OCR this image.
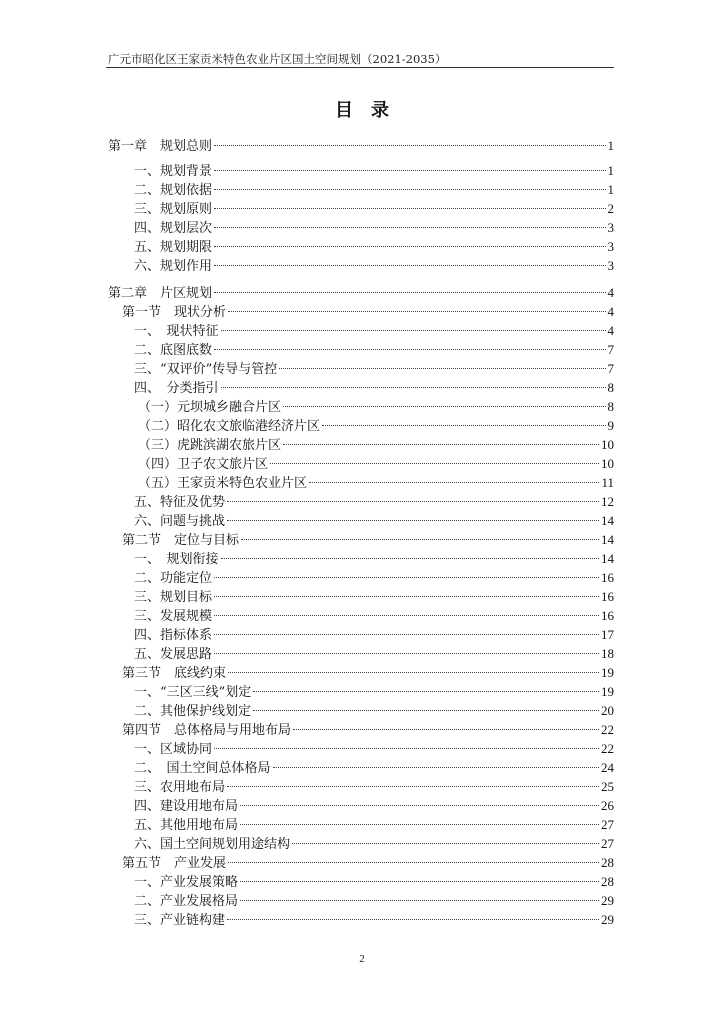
广元市昭化区王家贡米特色农业片区国土空间规划（2021-2035）
目录
第一章　规划总则	1
一、规划背景	1
二、规划依据	1
三、规划原则	2
四、规划层次	3
五、规划期限	3
六、规划作用	3
第二章　片区规划	4
第一节　现状分析	4
一、　现状特征	4
二、底图底数	7
三、“双评价”传导与管控	7
四、　分类指引	8
（一）元坝城乡融合片区	8
（二）昭化农文旅临港经济片区	9
（三）虎跳滨湖农旅片区	10
（四）卫子农文旅片区	10
（五）王家贡米特色农业片区	11
五、特征及优势	12
六、问题与挑战	14
第二节　定位与目标	14
一、　规划衔接	14
二、功能定位	16
三、规划目标	16
三、发展规模	16
四、指标体系	17
五、发展思路	18
第三节　底线约束	19
一、“三区三线”划定	19
二、其他保护线划定	20
第四节　总体格局与用地布局	22
一、区域协同	22
二、　国土空间总体格局	24
三、农用地布局	25
四、建设用地布局	26
五、其他用地布局	27
六、国土空间规划用途结构	27
第五节　产业发展	28
一、产业发展策略	28
二、产业发展格局	29
三、产业链构建	29
2
